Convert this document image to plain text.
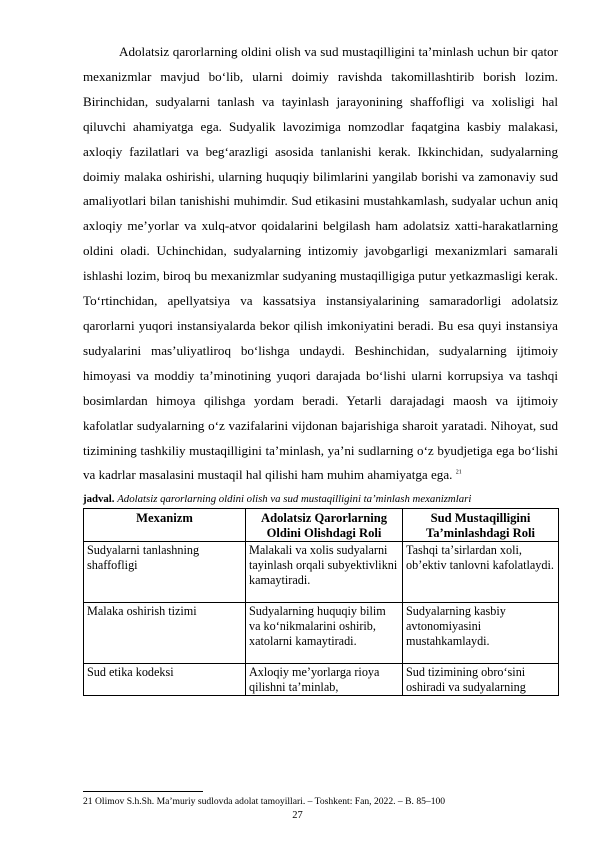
Adolatsiz qarorlarning oldini olish va sud mustaqilligini taʼminlash uchun bir qator mexanizmlar mavjud boʻlib, ularni doimiy ravishda takomillashtirib borish lozim. Birinchidan, sudyalarni tanlash va tayinlash jarayonining shaffofligi va xolisligi hal qiluvchi ahamiyatga ega. Sudyalik lavozimiga nomzodlar faqatgina kasbiy malakasi, axloqiy fazilatlari va begʻarazligi asosida tanlanishi kerak. Ikkinchidan, sudyalarning doimiy malaka oshirishi, ularning huquqiy bilimlarini yangilab borishi va zamonaviy sud amaliyotlari bilan tanishishi muhimdir. Sud etikasini mustahkamlash, sudyalar uchun aniq axloqiy meʼyorlar va xulq-atvor qoidalarini belgilash ham adolatsiz xatti-harakatlarning oldini oladi. Uchinchidan, sudyalarning intizomiy javobgarligi mexanizmlari samarali ishlashi lozim, biroq bu mexanizmlar sudyaning mustaqilligiga putur yetkazmasligi kerak. Toʻrtinchidan, apellyatsiya va kassatsiya instansiyalarining samaradorligi adolatsiz qarorlarni yuqori instansiyalarda bekor qilish imkoniyatini beradi. Bu esa quyi instansiya sudyalarini masʼuliyatliroq boʻlishga undaydi. Beshinchidan, sudyalarning ijtimoiy himoyasi va moddiy taʼminotining yuqori darajada boʻlishi ularni korrupsiya va tashqi bosimlardan himoya qilishga yordam beradi. Yetarli darajadagi maosh va ijtimoiy kafolatlar sudyalarning oʻz vazifalarini vijdonan bajarishiga sharoit yaratadi. Nihoyat, sud tizimining tashkiliy mustaqilligini taʼminlash, yaʼni sudlarning oʻz byudjetiga ega boʻlishi va kadrlar masalasini mustaqil hal qilishi ham muhim ahamiyatga ega. $^{21}$

jadval. Adolatsiz qarorlarning oldini olish va sud mustaqilligini taʼminlash mexanizmlari
Mexanizm	Adolatsiz Qarorlarning Oldini Olishdagi Roli	Sud Mustaqilligini Taʼminlashdagi Roli
Sudyalarni tanlashning shaffofligi	Malakali va xolis sudyalarni tayinlash orqali subyektivlikni kamaytiradi.	Tashqi taʼsirlardan xoli, obʼektiv tanlovni kafolatlaydi.
Malaka oshirish tizimi	Sudyalarning huquqiy bilim va koʻnikmalarini oshirib, xatolarni kamaytiradi.	Sudyalarning kasbiy avtonomiyasini mustahkamlaydi.
Sud etika kodeksi	Axloqiy meʼyorlarga rioya qilishni taʼminlab,	Sud tizimining obroʻsini oshiradi va sudyalarning
21 Olimov S.h.Sh. Maʼmuriy sudlovda adolat tamoyillari. – Toshkent: Fan, 2022. – B. 85–100
27
